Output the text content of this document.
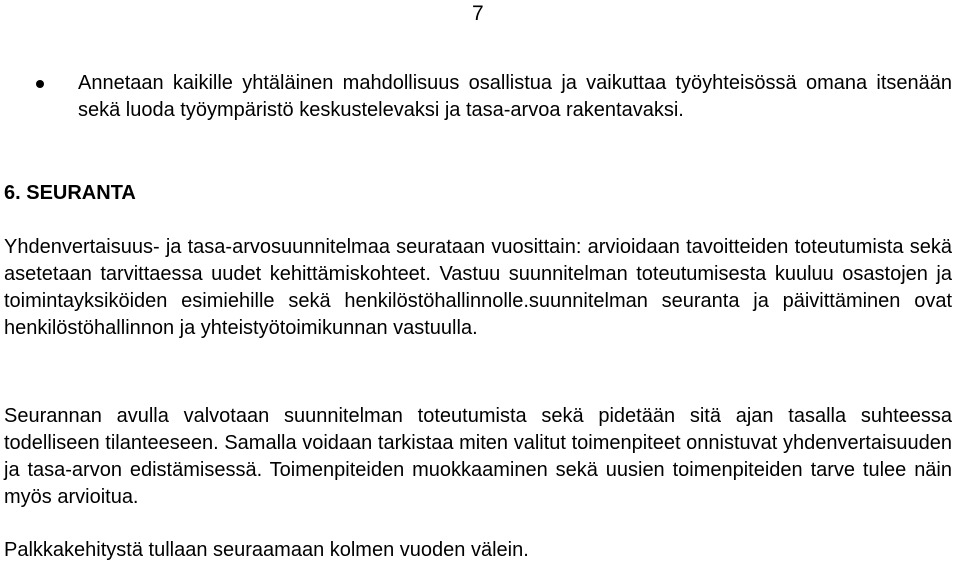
7
Annetaan kaikille yhtäläinen mahdollisuus osallistua ja vaikuttaa työyhteisössä omana itsenään sekä luoda työympäristö keskustelevaksi ja tasa-arvoa rakentavaksi.
6. SEURANTA

Yhdenvertaisuus- ja tasa-arvosuunnitelmaa seurataan vuosittain: arvioidaan tavoitteiden toteutumista sekä asetetaan tarvittaessa uudet kehittämiskohteet. Vastuu suunnitelman toteutumisesta kuuluu osastojen ja toimintayksiköiden esimiehille sekä henkilöstöhallinnolle.suunnitelman seuranta ja päivittäminen ovat henkilöstöhallinnon ja yhteistyötoimikunnan vastuulla.

Seurannan avulla valvotaan suunnitelman toteutumista sekä pidetään sitä ajan tasalla suhteessa todelliseen tilanteeseen. Samalla voidaan tarkistaa miten valitut toimenpiteet onnistuvat yhdenvertaisuuden ja tasa-arvon edistämisessä. Toimenpiteiden muokkaaminen sekä uusien toimenpiteiden tarve tulee näin myös arvioitua.

Palkkakehitystä tullaan seuraamaan kolmen vuoden välein.
